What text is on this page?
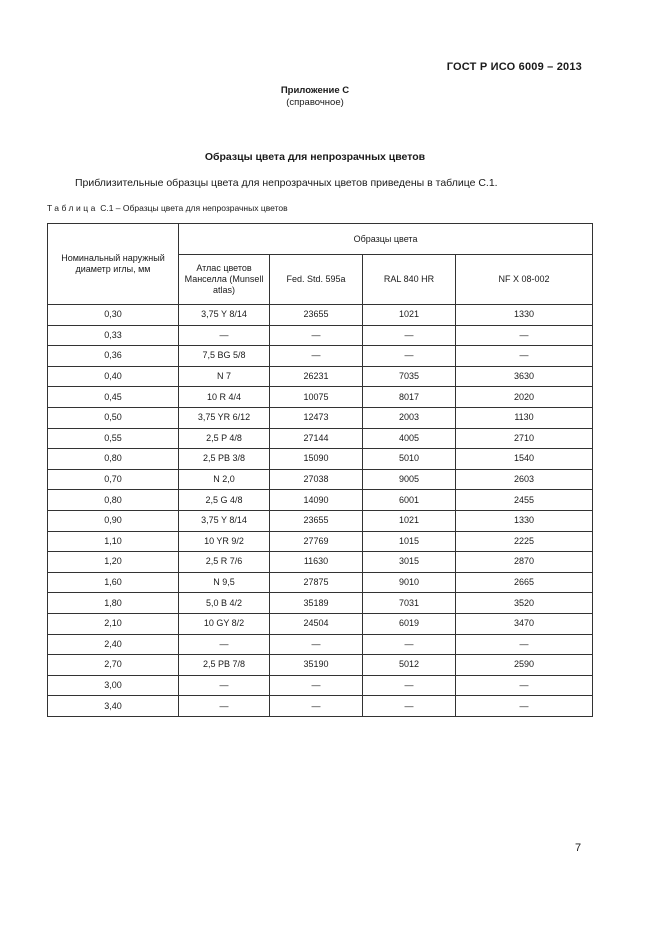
ГОСТ Р ИСО 6009 – 2013
Приложение С
(справочное)
Образцы цвета для непрозрачных цветов
Приблизительные образцы цвета для непрозрачных цветов приведены в таблице С.1.
Таблица С.1 – Образцы цвета для непрозрачных цветов
Номинальный наружный диаметр иглы, мм	Образцы цвета			
	Атлас цветов Манселла (Munsell atlas)	Fed. Std. 595a	RAL 840 HR	NF X 08-002
0,30	3,75 Y 8/14	23655	1021	1330
0,33	—	—	—	—
0,36	7,5 BG 5/8	—	—	—
0,40	N 7	26231	7035	3630
0,45	10 R 4/4	10075	8017	2020
0,50	3,75 YR 6/12	12473	2003	1130
0,55	2,5 P 4/8	27144	4005	2710
0,80	2,5 PB 3/8	15090	5010	1540
0,70	N 2,0	27038	9005	2603
0,80	2,5 G 4/8	14090	6001	2455
0,90	3,75 Y 8/14	23655	1021	1330
1,10	10 YR 9/2	27769	1015	2225
1,20	2,5 R 7/6	11630	3015	2870
1,60	N 9,5	27875	9010	2665
1,80	5,0 B 4/2	35189	7031	3520
2,10	10 GY 8/2	24504	6019	3470
2,40	—	—	—	—
2,70	2,5 PB 7/8	35190	5012	2590
3,00	—	—	—	—
3,40	—	—	—	—
7
